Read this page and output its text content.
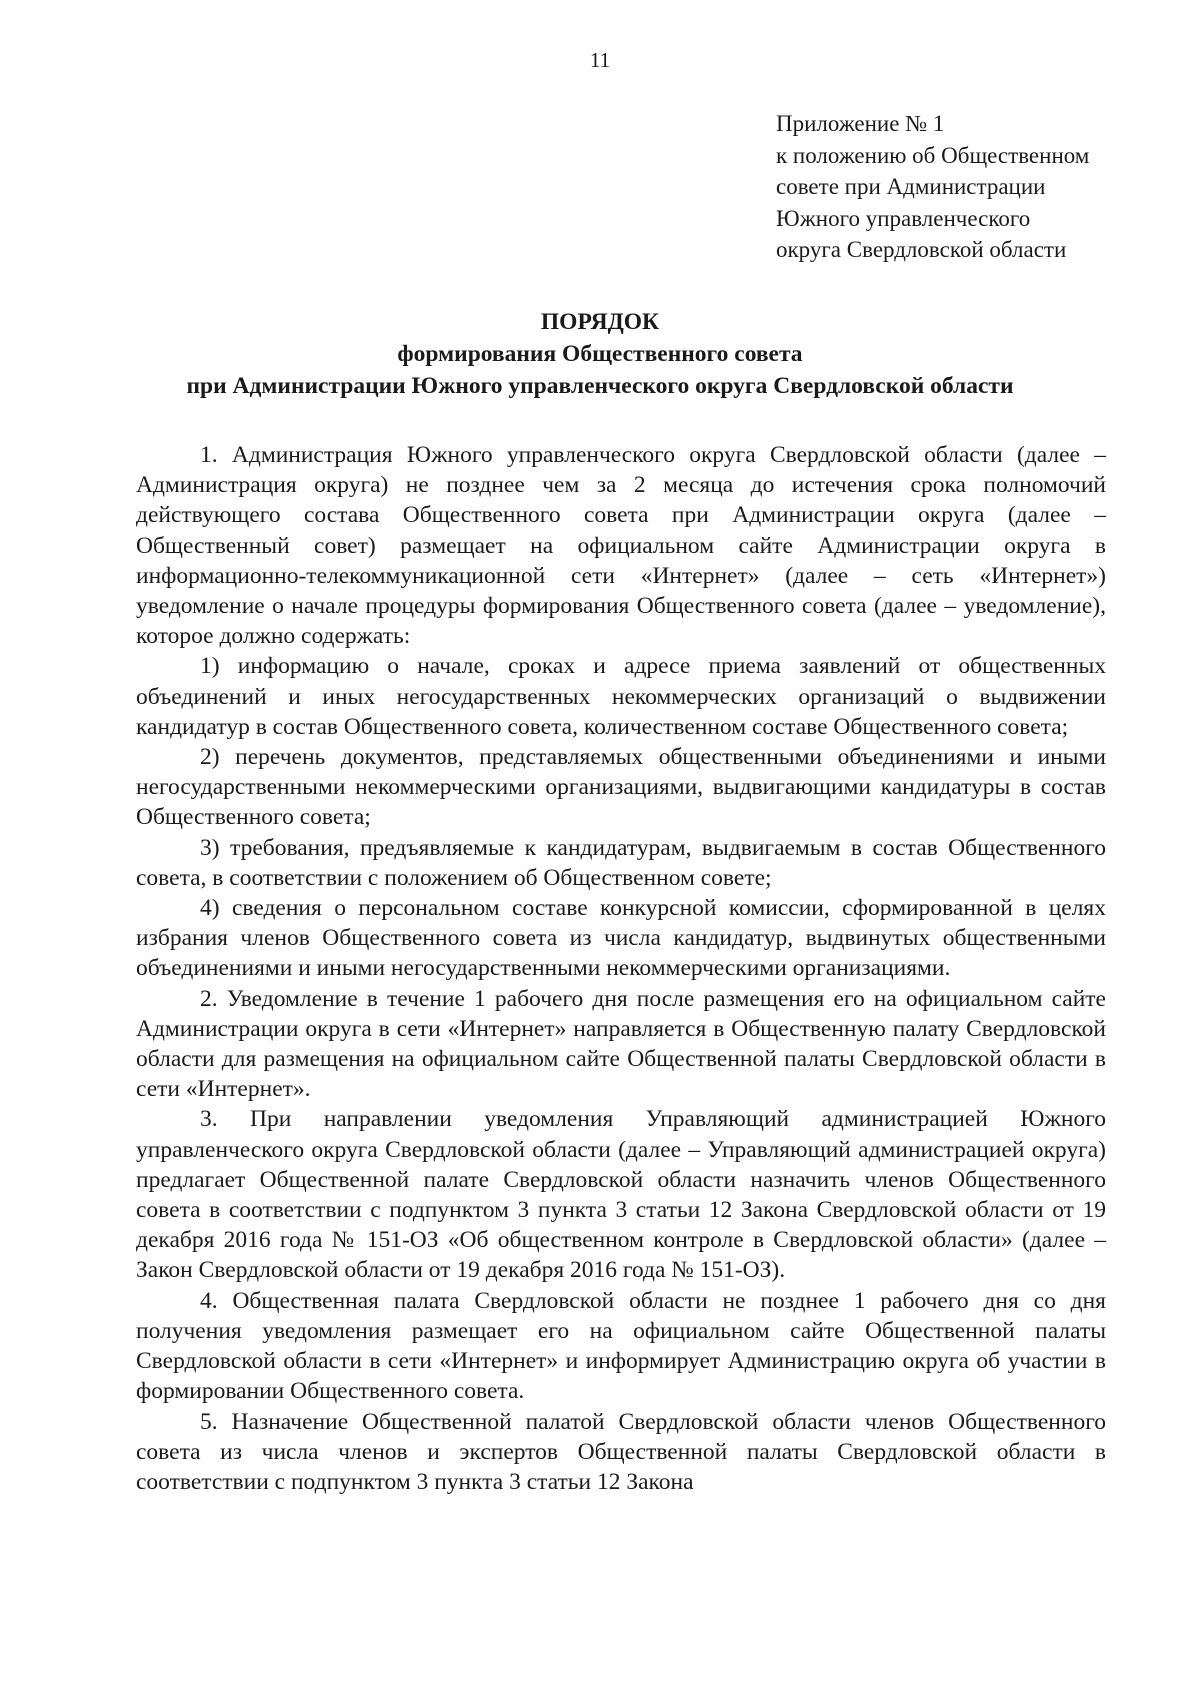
11
Приложение № 1
к положению об Общественном
совете при Администрации
Южного управленческого
округа Свердловской области
ПОРЯДОК
формирования Общественного совета
при Администрации Южного управленческого округа Свердловской области

1. Администрация Южного управленческого округа Свердловской области (далее – Администрация округа) не позднее чем за 2 месяца до истечения срока полномочий действующего состава Общественного совета при Администрации округа (далее – Общественный совет) размещает на официальном сайте Администрации округа в информационно-телекоммуникационной сети «Интернет» (далее – сеть «Интернет») уведомление о начале процедуры формирования Общественного совета (далее – уведомление), которое должно содержать:

1) информацию о начале, сроках и адресе приема заявлений от общественных объединений и иных негосударственных некоммерческих организаций о выдвижении кандидатур в состав Общественного совета, количественном составе Общественного совета;

2) перечень документов, представляемых общественными объединениями и иными негосударственными некоммерческими организациями, выдвигающими кандидатуры в состав Общественного совета;

3) требования, предъявляемые к кандидатурам, выдвигаемым в состав Общественного совета, в соответствии с положением об Общественном совете;

4) сведения о персональном составе конкурсной комиссии, сформированной в целях избрания членов Общественного совета из числа кандидатур, выдвинутых общественными объединениями и иными негосударственными некоммерческими организациями.

2. Уведомление в течение 1 рабочего дня после размещения его на официальном сайте Администрации округа в сети «Интернет» направляется в Общественную палату Свердловской области для размещения на официальном сайте Общественной палаты Свердловской области в сети «Интернет».

3. При направлении уведомления Управляющий администрацией Южного управленческого округа Свердловской области (далее – Управляющий администрацией округа) предлагает Общественной палате Свердловской области назначить членов Общественного совета в соответствии с подпунктом 3 пункта 3 статьи 12 Закона Свердловской области от 19 декабря 2016 года № 151-ОЗ «Об общественном контроле в Свердловской области» (далее – Закон Свердловской области от 19 декабря 2016 года № 151-ОЗ).

4. Общественная палата Свердловской области не позднее 1 рабочего дня со дня получения уведомления размещает его на официальном сайте Общественной палаты Свердловской области в сети «Интернет» и информирует Администрацию округа об участии в формировании Общественного совета.

5. Назначение Общественной палатой Свердловской области членов Общественного совета из числа членов и экспертов Общественной палаты Свердловской области в соответствии с подпунктом 3 пункта 3 статьи 12 Закона
